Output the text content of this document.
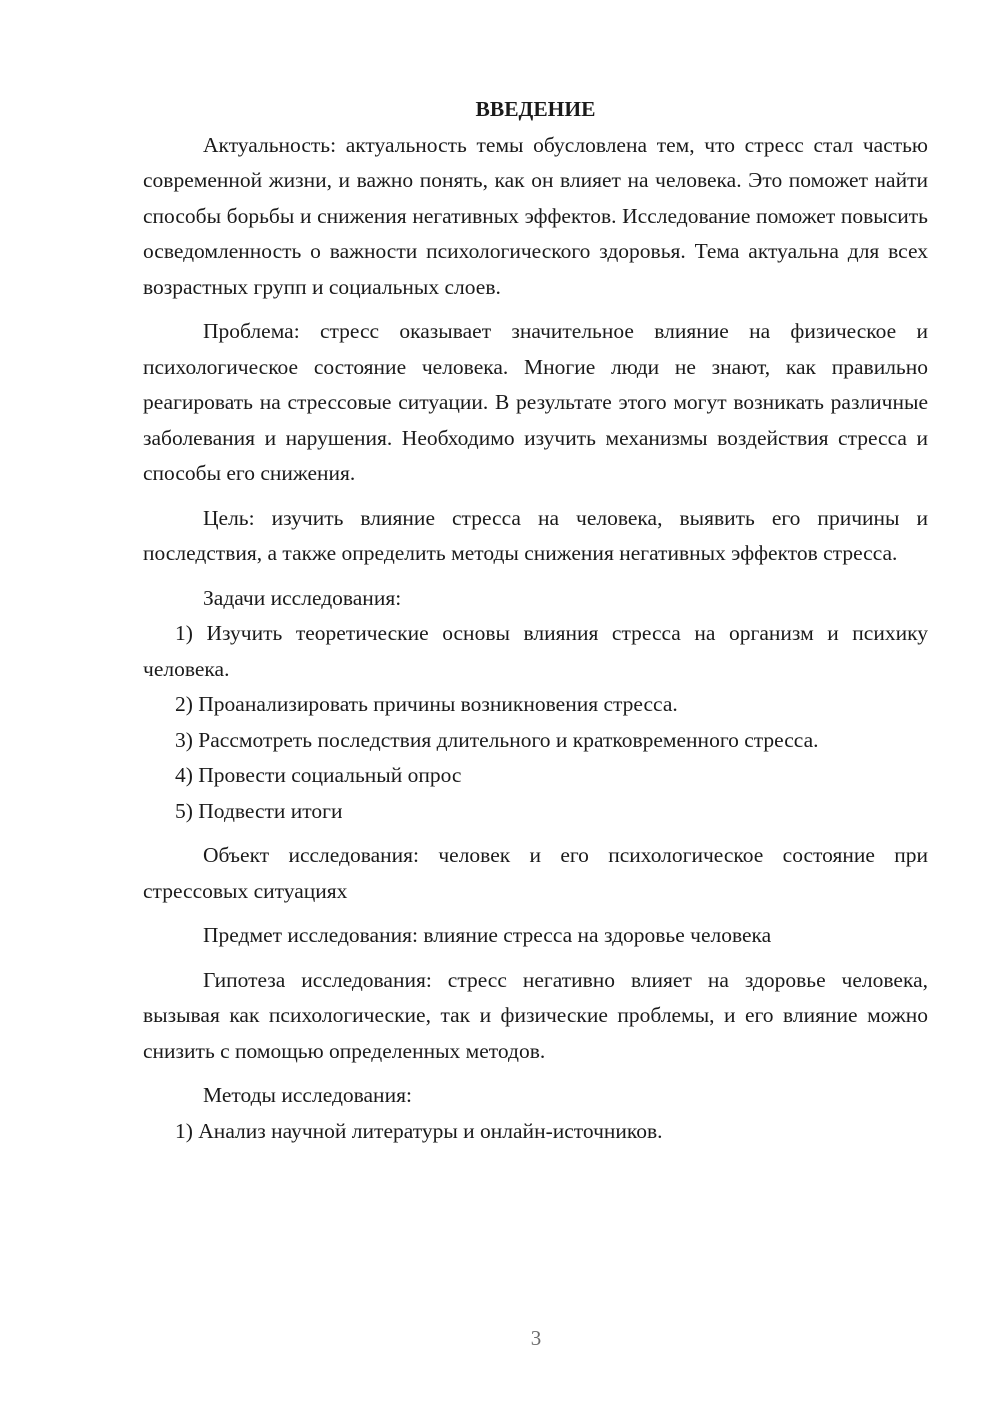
ВВЕДЕНИЕ

Актуальность: актуальность темы обусловлена тем, что стресс стал частью современной жизни, и важно понять, как он влияет на человека. Это поможет найти способы борьбы и снижения негативных эффектов. Исследование поможет повысить осведомленность о важности психологического здоровья. Тема актуальна для всех возрастных групп и социальных слоев.

Проблема: стресс оказывает значительное влияние на физическое и психологическое состояние человека. Многие люди не знают, как правильно реагировать на стрессовые ситуации. В результате этого могут возникать различные заболевания и нарушения. Необходимо изучить механизмы воздействия стресса и способы его снижения.

Цель: изучить влияние стресса на человека, выявить его причины и последствия, а также определить методы снижения негативных эффектов стресса.

Задачи исследования:

1) Изучить теоретические основы влияния стресса на организм и психику человека.

2) Проанализировать причины возникновения стресса.

3) Рассмотреть последствия длительного и кратковременного стресса.

4) Провести социальный опрос

5) Подвести итоги

Объект исследования: человек и его психологическое состояние при стрессовых ситуациях

Предмет исследования: влияние стресса на здоровье человека

Гипотеза исследования: стресс негативно влияет на здоровье человека, вызывая как психологические, так и физические проблемы, и его влияние можно снизить с помощью определенных методов.

Методы исследования:

1) Анализ научной литературы и онлайн-источников.

3
